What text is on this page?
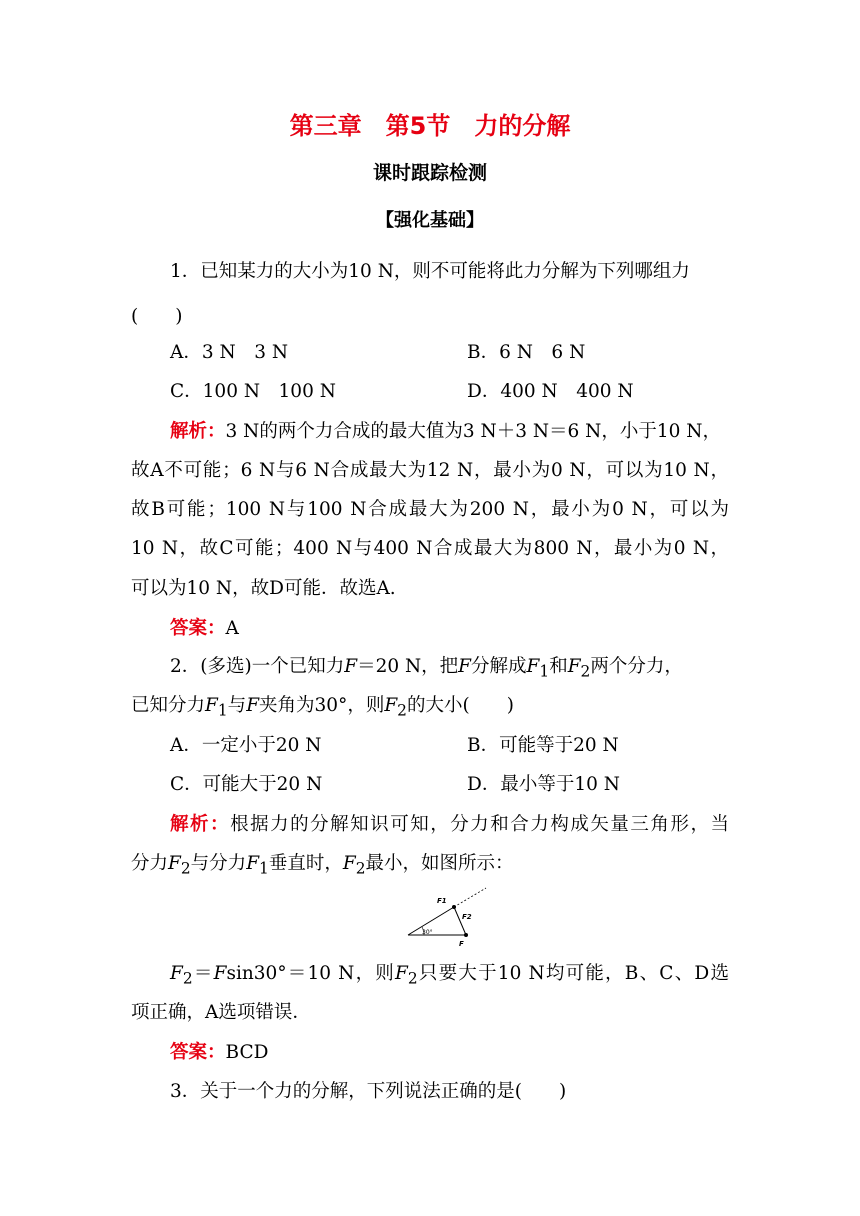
第三章　第5节　力的分解
课时跟踪检测
【强化基础】
1．已知某力的大小为10 N，则不可能将此力分解为下列哪组力
(　　)
A．3 N　3 N	B．6 N　6 N
C．100 N　100 N	D．400 N　400 N
解析：3 N的两个力合成的最大值为3 N＋3 N＝6 N，小于10 N，
故A不可能；6 N与6 N合成最大为12 N，最小为0 N，可以为10 N，
故B可能；100 N与100 N合成最大为200 N，最小为0 N，可以为
10 N，故C可能；400 N与400 N合成最大为800 N，最小为0 N，
可以为10 N，故D可能．故选A.
答案：A
2．(多选)一个已知力F＝20 N，把F分解成$F_1$和$F_2$两个分力，
已知分力$F_1$与F夹角为30°，则$F_2$的大小(　　)
A．一定小于20 N	B．可能等于20 N
C．可能大于20 N	D．最小等于10 N
解析：根据力的分解知识可知，分力和合力构成矢量三角形，当
分力$F_2$与分力$F_1$垂直时，$F_2$最小，如图所示：
30°
F1
F2
F
$F_2=Fsin30^\circ=10$ N，则$F_2$只要大于10 N均可能，B、C、D选
项正确，A选项错误．
答案：BCD
3．关于一个力的分解，下列说法正确的是(　　)
